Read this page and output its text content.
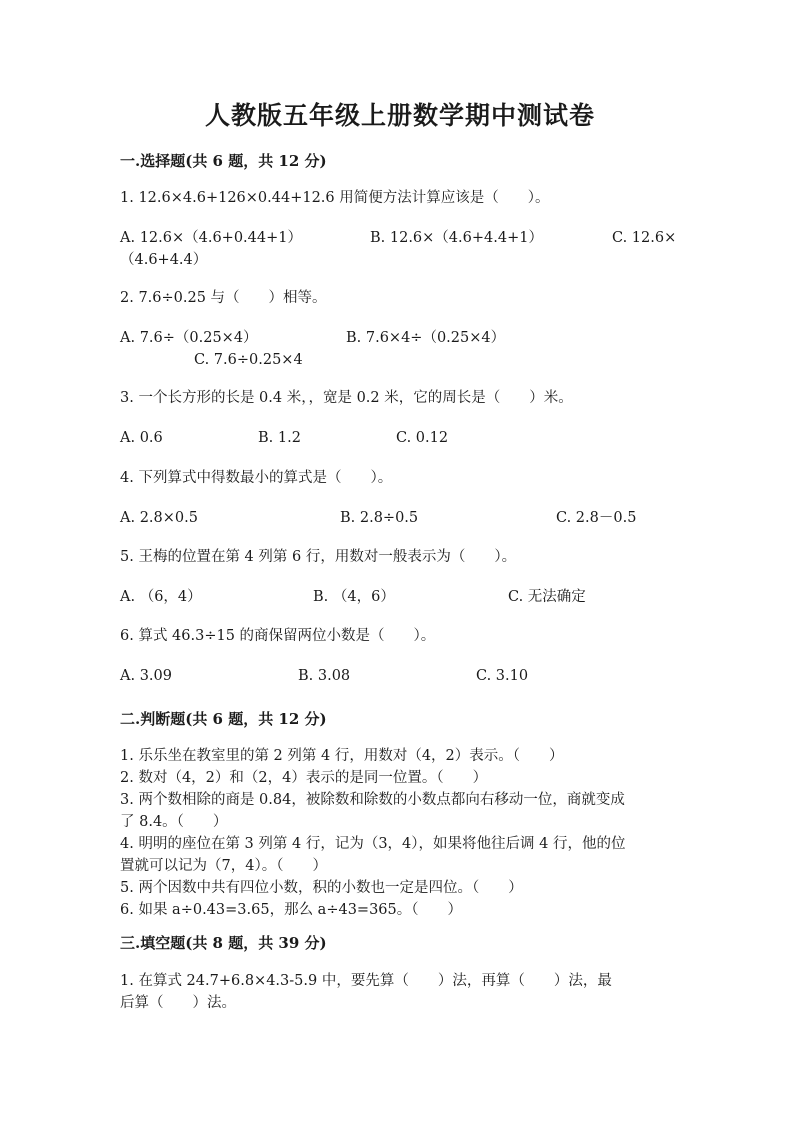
人教版五年级上册数学期中测试卷
一.选择题(共 6 题，共 12 分)

1. 12.6×4.6+126×0.44+12.6 用简便方法计算应该是（　　）。

A. 12.6×（4.6+0.44+1）	B. 12.6×（4.6+4.4+1）	C. 12.6×
（4.6+4.4）

2. 7.6÷0.25 与（　　）相等。

A. 7.6÷（0.25×4）	B. 7.6×4÷（0.25×4）
C. 7.6÷0.25×4

3. 一个长方形的长是 0.4 米，，宽是 0.2 米，它的周长是（　　）米。

A. 0.6	B. 1.2	C. 0.12

4. 下列算式中得数最小的算式是（　　）。

A. 2.8×0.5	B. 2.8÷0.5	C. 2.8－0.5

5. 王梅的位置在第 4 列第 6 行，用数对一般表示为（　　）。

A. （6，4）	B. （4，6）	C. 无法确定

6. 算式 46.3÷15 的商保留两位小数是（　　）。

A. 3.09	B. 3.08	C. 3.10
二.判断题(共 6 题，共 12 分)

1. 乐乐坐在教室里的第 2 列第 4 行，用数对（4，2）表示。（　　）

2. 数对（4，2）和（2，4）表示的是同一位置。（　　）

3. 两个数相除的商是 0.84，被除数和除数的小数点都向右移动一位，商就变成

了 8.4。（　　）

4. 明明的座位在第 3 列第 4 行，记为（3，4），如果将他往后调 4 行，他的位

置就可以记为（7，4）。（　　）

5. 两个因数中共有四位小数，积的小数也一定是四位。（　　）

6. 如果 a÷0.43=3.65，那么 a÷43=365。（　　）

三.填空题(共 8 题，共 39 分)

1. 在算式 24.7+6.8×4.3-5.9 中，要先算（　　）法，再算（　　）法，最

后算（　　）法。
